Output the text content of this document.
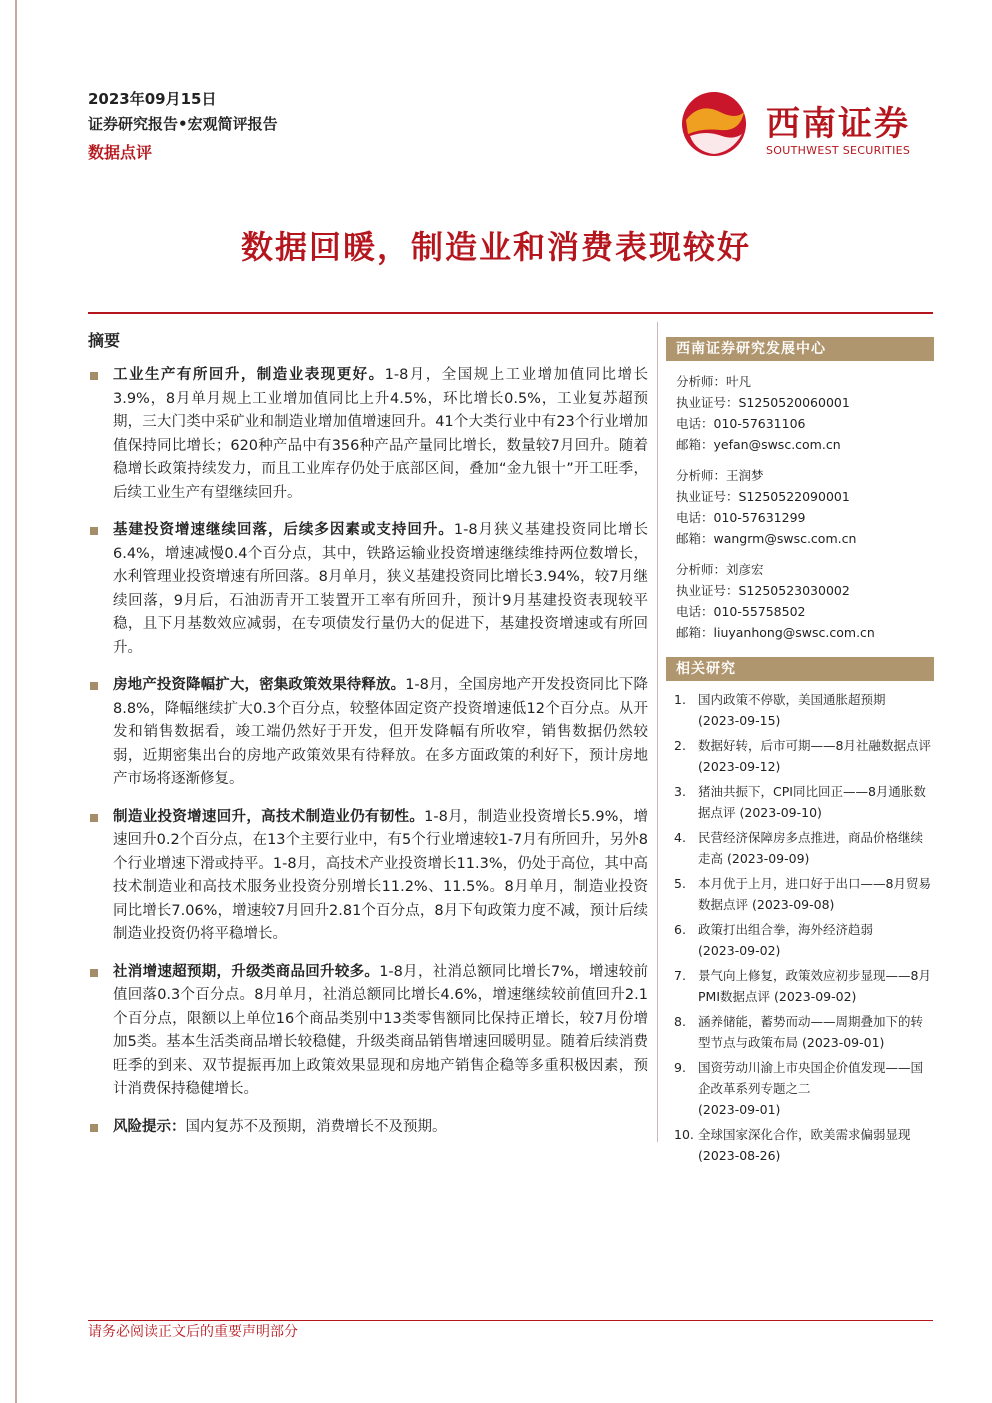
2023年09月15日
证券研究报告•宏观简评报告
数据点评
西南证券
SOUTHWEST SECURITIES
数据回暖，制造业和消费表现较好
摘要
工业生产有所回升，制造业表现更好。1-8月，全国规上工业增加值同比增长3.9%，8月单月规上工业增加值同比上升4.5%，环比增长0.5%，工业复苏超预期，三大门类中采矿业和制造业增加值增速回升。41个大类行业中有23个行业增加值保持同比增长；620种产品中有356种产品产量同比增长，数量较7月回升。随着稳增长政策持续发力，而且工业库存仍处于底部区间，叠加“金九银十”开工旺季，后续工业生产有望继续回升。
基建投资增速继续回落，后续多因素或支持回升。1-8月狭义基建投资同比增长6.4%，增速减慢0.4个百分点，其中，铁路运输业投资增速继续维持两位数增长，水利管理业投资增速有所回落。8月单月，狭义基建投资同比增长3.94%，较7月继续回落，9月后，石油沥青开工装置开工率有所回升，预计9月基建投资表现较平稳，且下月基数效应减弱，在专项债发行量仍大的促进下，基建投资增速或有所回升。
房地产投资降幅扩大，密集政策效果待释放。1-8月，全国房地产开发投资同比下降8.8%，降幅继续扩大0.3个百分点，较整体固定资产投资增速低12个百分点。从开发和销售数据看，竣工端仍然好于开发，但开发降幅有所收窄，销售数据仍然较弱，近期密集出台的房地产政策效果有待释放。在多方面政策的利好下，预计房地产市场将逐渐修复。
制造业投资增速回升，高技术制造业仍有韧性。1-8月，制造业投资增长5.9%，增速回升0.2个百分点，在13个主要行业中，有5个行业增速较1-7月有所回升，另外8个行业增速下滑或持平。1-8月，高技术产业投资增长11.3%，仍处于高位，其中高技术制造业和高技术服务业投资分别增长11.2%、11.5%。8月单月，制造业投资同比增长7.06%，增速较7月回升2.81个百分点，8月下旬政策力度不减，预计后续制造业投资仍将平稳增长。
社消增速超预期，升级类商品回升较多。1-8月，社消总额同比增长7%，增速较前值回落0.3个百分点。8月单月，社消总额同比增长4.6%，增速继续较前值回升2.1个百分点，限额以上单位16个商品类别中13类零售额同比保持正增长，较7月份增加5类。基本生活类商品增长较稳健，升级类商品销售增速回暖明显。随着后续消费旺季的到来、双节提振再加上政策效果显现和房地产销售企稳等多重积极因素，预计消费保持稳健增长。
风险提示：国内复苏不及预期，消费增长不及预期。
西南证券研究发展中心
分析师：叶凡
执业证号：S1250520060001
电话：010-57631106
邮箱：yefan@swsc.com.cn
分析师：王润梦
执业证号：S1250522090001
电话：010-57631299
邮箱：wangrm@swsc.com.cn
分析师：刘彦宏
执业证号：S1250523030002
电话：010-55758502
邮箱：liuyanhong@swsc.com.cn
相关研究
1. 国内政策不停歇，美国通胀超预期
(2023-09-15)
2. 数据好转，后市可期——8月社融数据点评 (2023-09-12)
3. 猪油共振下，CPI同比回正——8月通胀数据点评 (2023-09-10)
4. 民营经济保障房多点推进，商品价格继续走高 (2023-09-09)
5. 本月优于上月，进口好于出口——8月贸易数据点评 (2023-09-08)
6. 政策打出组合拳，海外经济趋弱
(2023-09-02)
7. 景气向上修复，政策效应初步显现——8月PMI数据点评 (2023-09-02)
8. 涵养储能，蓄势而动——周期叠加下的转型节点与政策布局 (2023-09-01)
9. 国资劳动川渝上市央国企价值发现——国企改革系列专题之二
(2023-09-01)
10. 全球国家深化合作，欧美需求偏弱显现
(2023-08-26)
请务必阅读正文后的重要声明部分
